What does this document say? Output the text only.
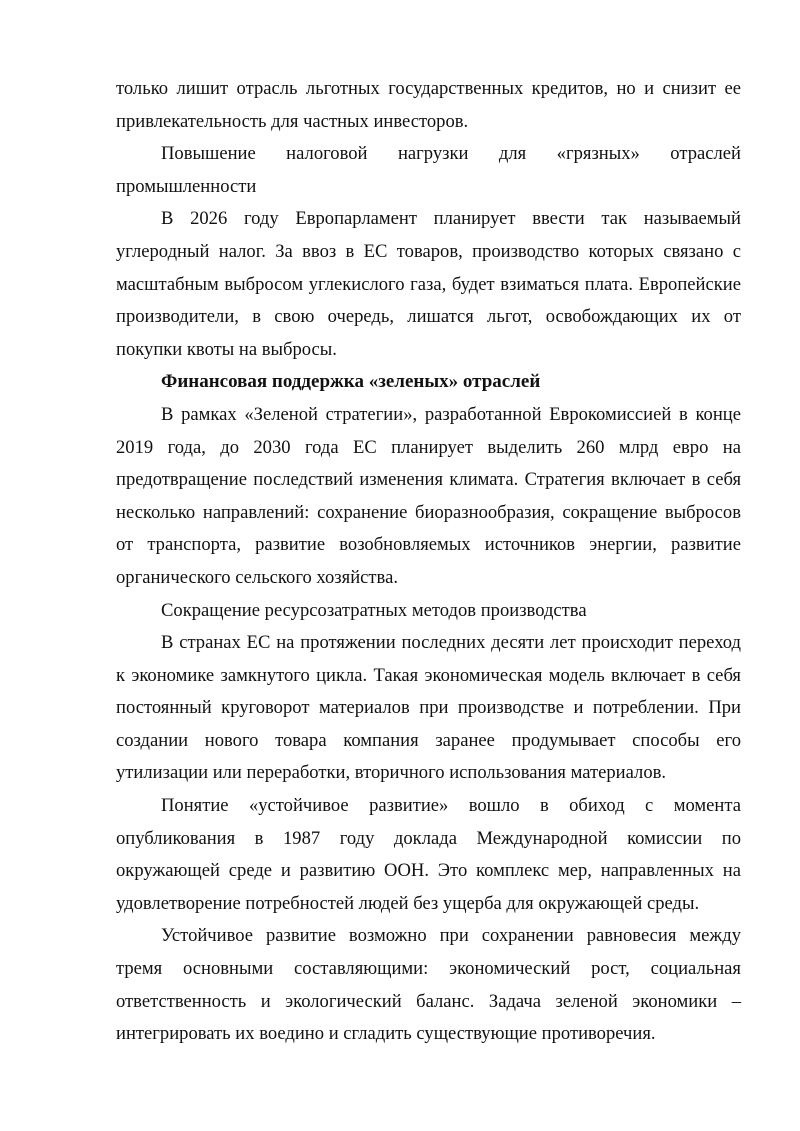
только лишит отрасль льготных государственных кредитов, но и снизит ее привлекательность для частных инвесторов.

Повышение налоговой нагрузки для «грязных» отраслей промышленности

В 2026 году Европарламент планирует ввести так называемый углеродный налог. За ввоз в ЕС товаров, производство которых связано с масштабным выбросом углекислого газа, будет взиматься плата. Европейские производители, в свою очередь, лишатся льгот, освобождающих их от покупки квоты на выбросы.

Финансовая поддержка «зеленых» отраслей

В рамках «Зеленой стратегии», разработанной Еврокомиссией в конце 2019 года, до 2030 года ЕС планирует выделить 260 млрд евро на предотвращение последствий изменения климата. Стратегия включает в себя несколько направлений: сохранение биоразнообразия, сокращение выбросов от транспорта, развитие возобновляемых источников энергии, развитие органического сельского хозяйства.

Сокращение ресурсозатратных методов производства

В странах ЕС на протяжении последних десяти лет происходит переход к экономике замкнутого цикла. Такая экономическая модель включает в себя постоянный круговорот материалов при производстве и потреблении. При создании нового товара компания заранее продумывает способы его утилизации или переработки, вторичного использования материалов.

Понятие «устойчивое развитие» вошло в обиход с момента опубликования в 1987 году доклада Международной комиссии по окружающей среде и развитию ООН. Это комплекс мер, направленных на удовлетворение потребностей людей без ущерба для окружающей среды.

Устойчивое развитие возможно при сохранении равновесия между тремя основными составляющими: экономический рост, социальная ответственность и экологический баланс. Задача зеленой экономики – интегрировать их воедино и сгладить существующие противоречия.
